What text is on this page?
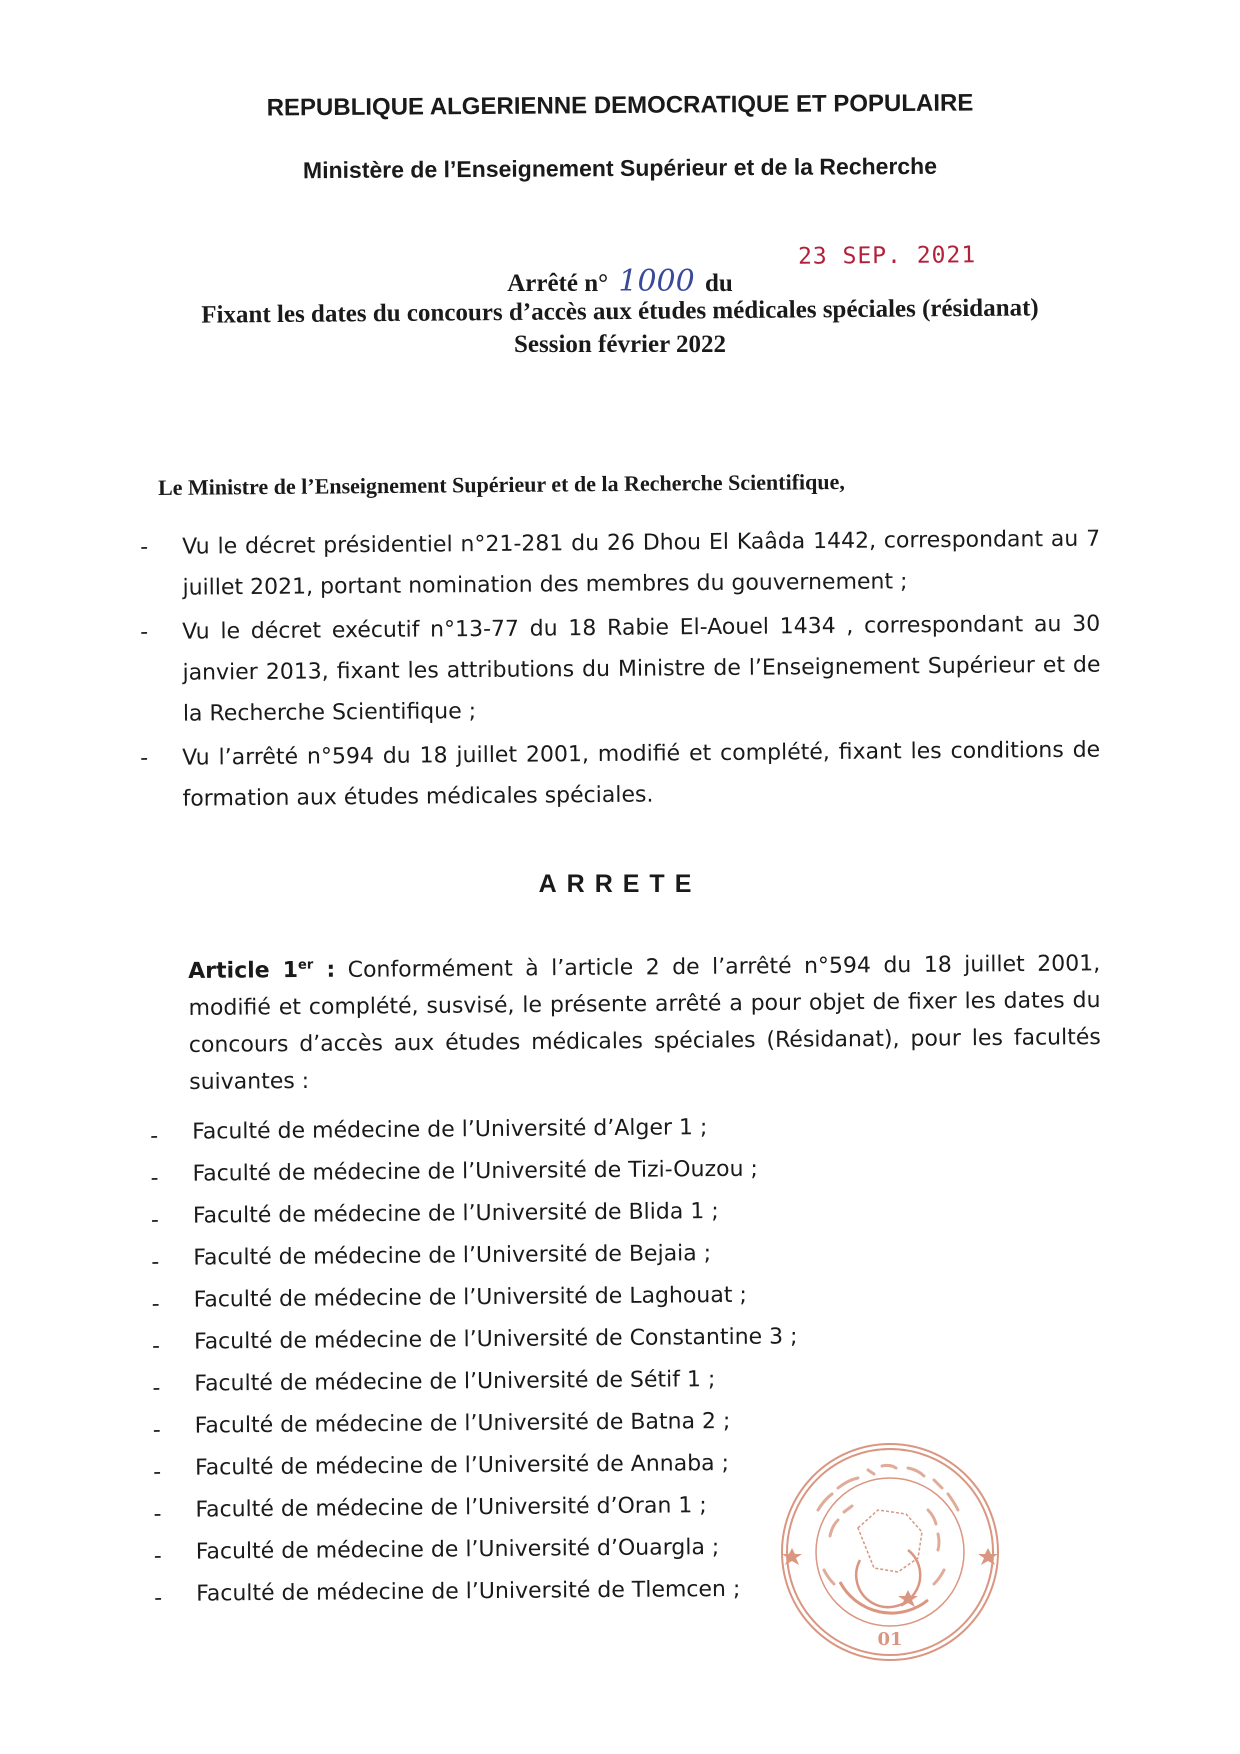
REPUBLIQUE ALGERIENNE DEMOCRATIQUE ET POPULAIRE
Ministère de l’Enseignement Supérieur et de la Recherche
23 SEP. 2021
Arrêté n° 1000 du
Fixant les dates du concours d’accès aux études médicales spéciales (résidanat)
Session février 2022
Le Ministre de l’Enseignement Supérieur et de la Recherche Scientifique,
- Vu le décret présidentiel n°21-281 du 26 Dhou El Kaâda 1442, correspondant au 7 juillet 2021, portant nomination des membres du gouvernement ;
- Vu le décret exécutif n°13-77 du 18 Rabie El-Aouel 1434 , correspondant au 30 janvier 2013, fixant les attributions du Ministre de l’Enseignement Supérieur et de la Recherche Scientifique ;
- Vu l’arrêté n°594 du 18 juillet 2001, modifié et complété, fixant les conditions de formation aux études médicales spéciales.
ARRETE
Article 1er : Conformément à l’article 2 de l’arrêté n°594 du 18 juillet 2001, modifié et complété, susvisé, le présente arrêté a pour objet de fixer les dates du concours d’accès aux études médicales spéciales (Résidanat), pour les facultés suivantes :
- Faculté de médecine de l’Université d’Alger 1 ;
- Faculté de médecine de l’Université de Tizi-Ouzou ;
- Faculté de médecine de l’Université de Blida 1 ;
- Faculté de médecine de l’Université de Bejaia ;
- Faculté de médecine de l’Université de Laghouat ;
- Faculté de médecine de l’Université de Constantine 3 ;
- Faculté de médecine de l’Université de Sétif 1 ;
- Faculté de médecine de l’Université de Batna 2 ;
- Faculté de médecine de l’Université de Annaba ;
- Faculté de médecine de l’Université d’Oran 1 ;
- Faculté de médecine de l’Université d’Ouargla ;
- Faculté de médecine de l’Université de Tlemcen ;
01
